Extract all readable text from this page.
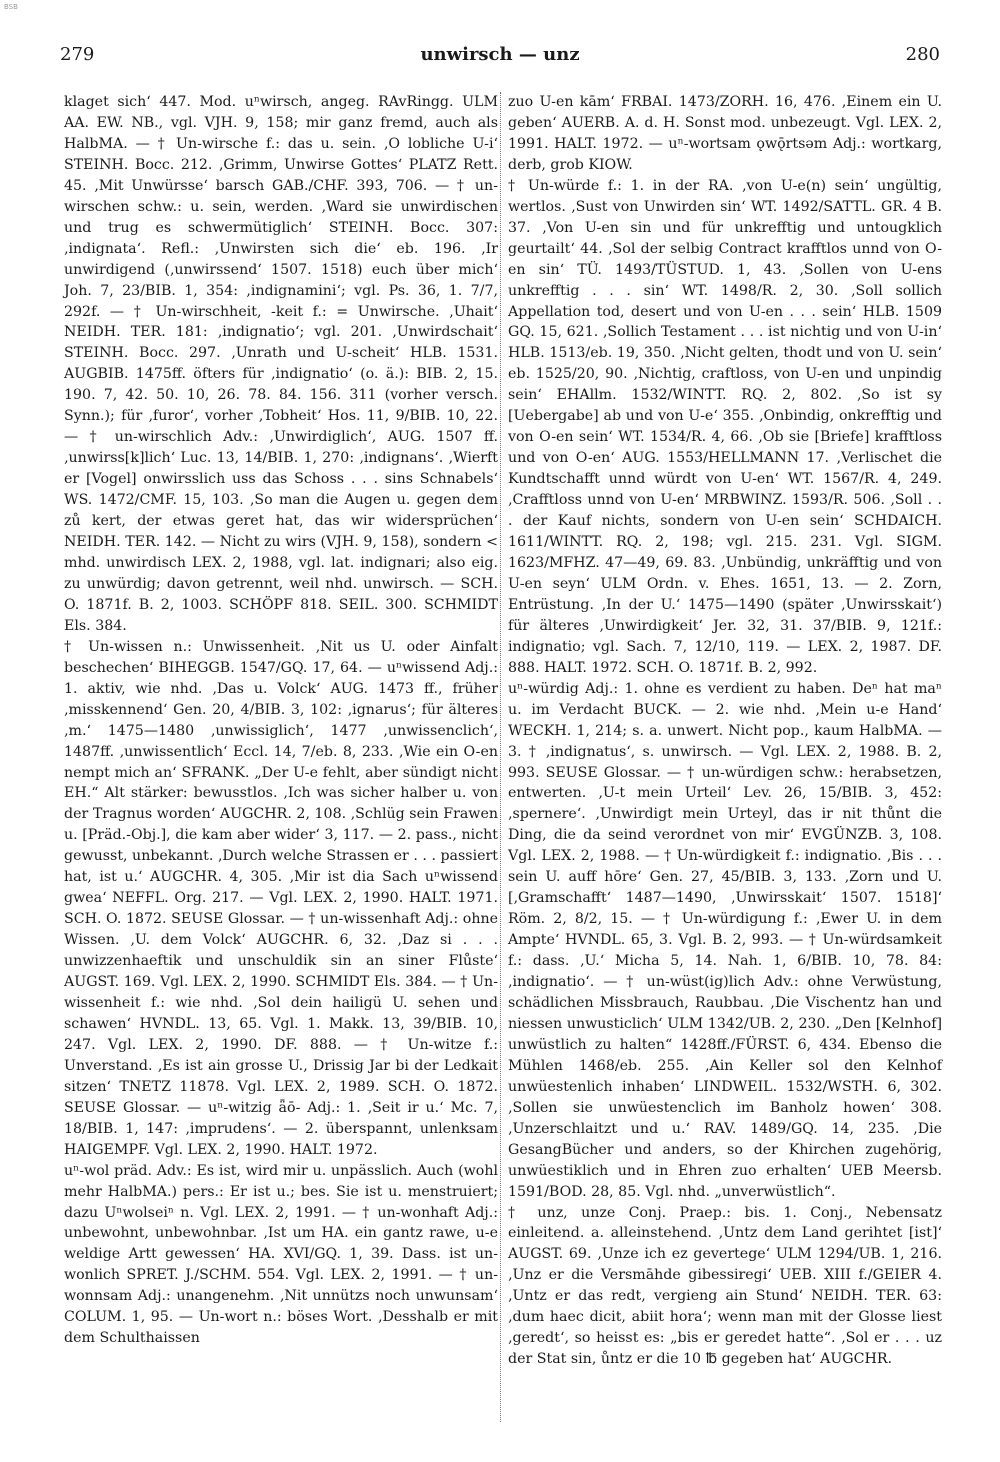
BSB
279	unwirsch — unz	280

klaget sich‘ 447. Mod. uⁿwirsch, angeg. RAvRingg. ULM AA. EW. NB., vgl. VJH. 9, 158; mir ganz fremd, auch als HalbMA. — † Un-wirsche f.: das u. sein. ‚O lobliche U-i‘ STEINH. Bocc. 212. ‚Grimm, Unwirse Gottes‘ PLATZ Rett. 45. ‚Mit Unwürsse‘ barsch GAB./CHF. 393, 706. — † un-wirschen schw.: u. sein, werden. ‚Ward sie unwirdischen und trug es schwermütiglich‘ STEINH. Bocc. 307: ‚indignata‘. Refl.: ‚Unwirsten sich die‘ eb. 196. ‚Ir unwirdigend (‚unwirssend‘ 1507. 1518) euch über mich‘ Joh. 7, 23/BIB. 1, 354: ‚indignamini‘; vgl. Ps. 36, 1. 7/7, 292f. — † Un-wirschheit, -keit f.: = Unwirsche. ‚Uhait‘ NEIDH. TER. 181: ‚indignatio‘; vgl. 201. ‚Unwirdschait‘ STEINH. Bocc. 297. ‚Unrath und U-scheit‘ HLB. 1531. AUGBIB. 1475ff. öfters für ‚indignatio‘ (o. ä.): BIB. 2, 15. 190. 7, 42. 50. 10, 26. 78. 84. 156. 311 (vorher versch. Synn.); für ‚furor‘, vorher ‚Tobheit‘ Hos. 11, 9/BIB. 10, 22. — † un-wirschlich Adv.: ‚Unwirdiglich‘, AUG. 1507 ff. ‚unwirss[k]lich‘ Luc. 13, 14/BIB. 1, 270: ‚indignans‘. ‚Wierft er [Vogel] onwirsslich uss das Schoss . . . sins Schnabels‘ WS. 1472/CMF. 15, 103. ‚So man die Augen u. gegen dem zů kert, der etwas geret hat, das wir widersprüchen‘ NEIDH. TER. 142. — Nicht zu wirs (VJH. 9, 158), sondern < mhd. unwirdisch LEX. 2, 1988, vgl. lat. indignari; also eig. zu unwürdig; davon getrennt, weil nhd. unwirsch. — SCH. O. 1871f. B. 2, 1003. SCHÖPF 818. SEIL. 300. SCHMIDT Els. 384.

† Un-wissen n.: Unwissenheit. ‚Nit us U. oder Ainfalt beschechen‘ BIHEGGB. 1547/GQ. 17, 64. — uⁿwissend Adj.: 1. aktiv, wie nhd. ‚Das u. Volck‘ AUG. 1473 ff., früher ‚misskennend‘ Gen. 20, 4/BIB. 3, 102: ‚ignarus‘; für älteres ‚m.‘ 1475—1480 ‚unwissiglich‘, 1477 ‚unwissenclich‘, 1487ff. ‚unwissentlich‘ Eccl. 14, 7/eb. 8, 233. ‚Wie ein O-en nempt mich an‘ SFRANK. „Der U-e fehlt, aber sündigt nicht EH.“ Alt stärker: bewusstlos. ‚Ich was sicher halber u. von der Tragnus worden‘ AUGCHR. 2, 108. ‚Schlüg sein Frawen u. [Präd.-Obj.], die kam aber wider‘ 3, 117. — 2. pass., nicht gewusst, unbekannt. ‚Durch welche Strassen er . . . passiert hat, ist u.‘ AUGCHR. 4, 305. ‚Mir ist dia Sach uⁿwissend gwea‘ NEFFL. Org. 217. — Vgl. LEX. 2, 1990. HALT. 1971. SCH. O. 1872. SEUSE Glossar. — † un-wissenhaft Adj.: ohne Wissen. ‚U. dem Volck‘ AUGCHR. 6, 32. ‚Daz si . . . unwizzenhaeftik und unschuldik sin an siner Flůste‘ AUGST. 169. Vgl. LEX. 2, 1990. SCHMIDT Els. 384. — † Un-wissenheit f.: wie nhd. ‚Sol dein hailigü U. sehen und schawen‘ HVNDL. 13, 65. Vgl. 1. Makk. 13, 39/BIB. 10, 247. Vgl. LEX. 2, 1990. DF. 888. — † Un-witze f.: Unverstand. ‚Es ist ain grosse U., Drissig Jar bi der Ledkait sitzen‘ TNETZ 11878. Vgl. LEX. 2, 1989. SCH. O. 1872. SEUSE Glossar. — uⁿ-witzig ǟō- Adj.: 1. ‚Seit ir u.‘ Mc. 7, 18/BIB. 1, 147: ‚imprudens‘. — 2. überspannt, unlenksam HAIGEMPF. Vgl. LEX. 2, 1990. HALT. 1972.

uⁿ-wol präd. Adv.: Es ist, wird mir u. unpässlich. Auch (wohl mehr HalbMA.) pers.: Er ist u.; bes. Sie ist u. menstruiert; dazu Uⁿwolseiⁿ n. Vgl. LEX. 2, 1991. — † un-wonhaft Adj.: unbewohnt, unbewohnbar. ‚Ist um HA. ein gantz rawe, u-e weldige Artt gewessen‘ HA. XVI/GQ. 1, 39. Dass. ist un-wonlich SPRET. J./SCHM. 554. Vgl. LEX. 2, 1991. — † un-wonnsam Adj.: unangenehm. ‚Nit unnützs noch unwunsam‘ COLUM. 1, 95. — Un-wort n.: böses Wort. ‚Desshalb er mit dem Schulthaissen

zuo U-en kām‘ FRBAI. 1473/ZORH. 16, 476. ‚Einem ein U. geben‘ AUERB. A. d. H. Sonst mod. unbezeugt. Vgl. LEX. 2, 1991. HALT. 1972. — uⁿ-wortsam ǫwǭrtsəm Adj.: wortkarg, derb, grob KIOW.

† Un-würde f.: 1. in der RA. ‚von U-e(n) sein‘ ungültig, wertlos. ‚Sust von Unwirden sin‘ WT. 1492/SATTL. GR. 4 B. 37. ‚Von U-en sin und für unkrefftig und untougklich geurtailt‘ 44. ‚Sol der selbig Contract krafftlos unnd von O-en sin‘ TÜ. 1493/TÜSTUD. 1, 43. ‚Sollen von U-ens unkrefftig . . . sin‘ WT. 1498/R. 2, 30. ‚Soll sollich Appellation tod, desert und von U-en . . . sein‘ HLB. 1509 GQ. 15, 621. ‚Sollich Testament . . . ist nichtig und von U-in‘ HLB. 1513/eb. 19, 350. ‚Nicht gelten, thodt und von U. sein‘ eb. 1525/20, 90. ‚Nichtig, craftloss, von U-en und unpindig sein‘ EHAllm. 1532/WINTT. RQ. 2, 802. ‚So ist sy [Uebergabe] ab und von U-e‘ 355. ‚Onbindig, onkrefftig und von O-en sein‘ WT. 1534/R. 4, 66. ‚Ob sie [Briefe] krafftloss und von O-en‘ AUG. 1553/HELLMANN 17. ‚Verlischet die Kundtschafft unnd würdt von U-en‘ WT. 1567/R. 4, 249. ‚Crafftloss unnd von U-en‘ MRBWINZ. 1593/R. 506. ‚Soll . . . der Kauf nichts, sondern von U-en sein‘ SCHDAICH. 1611/WINTT. RQ. 2, 198; vgl. 215. 231. Vgl. SIGM. 1623/MFHZ. 47—49, 69. 83. ‚Unbündig, unkräfftig und von U-en seyn‘ ULM Ordn. v. Ehes. 1651, 13. — 2. Zorn, Entrüstung. ‚In der U.‘ 1475—1490 (später ‚Unwirsskait‘) für älteres ‚Unwirdigkeit‘ Jer. 32, 31. 37/BIB. 9, 121f.: indignatio; vgl. Sach. 7, 12/10, 119. — LEX. 2, 1987. DF. 888. HALT. 1972. SCH. O. 1871f. B. 2, 992.

uⁿ-würdig Adj.: 1. ohne es verdient zu haben. Deⁿ hat maⁿ u. im Verdacht BUCK. — 2. wie nhd. ‚Mein u-e Hand‘ WECKH. 1, 214; s. a. unwert. Nicht pop., kaum HalbMA. — 3. † ‚indignatus‘, s. unwirsch. — Vgl. LEX. 2, 1988. B. 2, 993. SEUSE Glossar. — † un-würdigen schw.: herabsetzen, entwerten. ‚U-t mein Urteil‘ Lev. 26, 15/BIB. 3, 452: ‚spernere‘. ‚Unwirdigt mein Urteyl, das ir nit thůnt die Ding, die da seind verordnet von mir‘ EVGÜNZB. 3, 108. Vgl. LEX. 2, 1988. — † Un-würdigkeit f.: indignatio. ‚Bis . . . sein U. auff hōre‘ Gen. 27, 45/BIB. 3, 133. ‚Zorn und U. [‚Gramschafft‘ 1487—1490, ‚Unwirsskait‘ 1507. 1518]‘ Röm. 2, 8/2, 15. — † Un-würdigung f.: ‚Ewer U. in dem Ampte‘ HVNDL. 65, 3. Vgl. B. 2, 993. — † Un-würdsamkeit f.: dass. ‚U.‘ Micha 5, 14. Nah. 1, 6/BIB. 10, 78. 84: ‚indignatio‘. — † un-wüst(ig)lich Adv.: ohne Verwüstung, schädlichen Missbrauch, Raubbau. ‚Die Vischentz han und niessen unwusticlich‘ ULM 1342/UB. 2, 230. „Den [Kelnhof] unwüstlich zu halten“ 1428ff./FÜRST. 6, 434. Ebenso die Mühlen 1468/eb. 255. ‚Ain Keller sol den Kelnhof unwüestenlich inhaben‘ LINDWEIL. 1532/WSTH. 6, 302. ‚Sollen sie unwüestenclich im Banholz howen‘ 308. ‚Unzerschlaitzt und u.‘ RAV. 1489/GQ. 14, 235. ‚Die GesangBücher und anders, so der Khirchen zugehörig, unwüestiklich und in Ehren zuo erhalten‘ UEB Meersb. 1591/BOD. 28, 85. Vgl. nhd. „unverwüstlich“.

† unz, unze Conj. Praep.: bis. 1. Conj., Nebensatz einleitend. a. alleinstehend. ‚Untz dem Land gerihtet [ist]‘ AUGST. 69. ‚Unze ich ez gevertege‘ ULM 1294/UB. 1, 216. ‚Unz er die Versmāhde gibessiregi‘ UEB. XIII f./GEIER 4. ‚Untz er das redt, vergieng ain Stund‘ NEIDH. TER. 63: ‚dum haec dicit, abiit hora‘; wenn man mit der Glosse liest ‚geredt‘, so heisst es: „bis er geredet hatte“. ‚Sol er . . . uz der Stat sin, ůntz er die 10 ℔ gegeben hat‘ AUGCHR.
